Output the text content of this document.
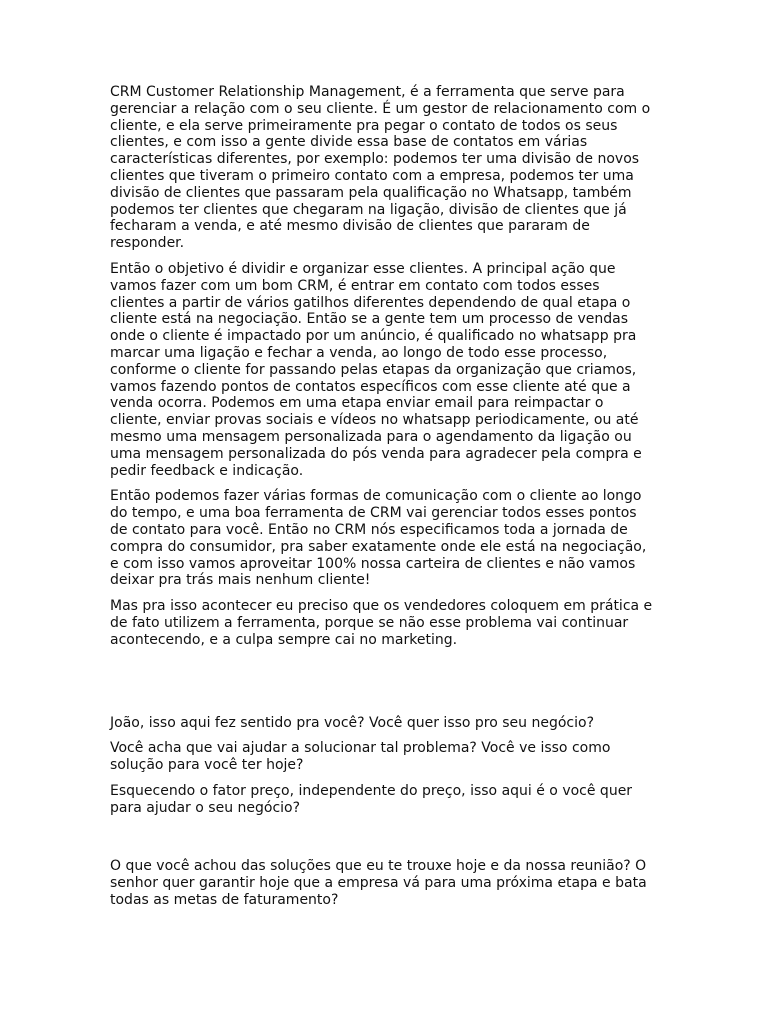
CRM Customer Relationship Management, é a ferramenta que serve para gerenciar a relação com o seu cliente. É um gestor de relacionamento com o cliente, e ela serve primeiramente pra pegar o contato de todos os seus clientes, e com isso a gente divide essa base de contatos em várias características diferentes, por exemplo: podemos ter uma divisão de novos clientes que tiveram o primeiro contato com a empresa, podemos ter uma divisão de clientes que passaram pela qualificação no Whatsapp, também podemos ter clientes que chegaram na ligação, divisão de clientes que já fecharam a venda, e até mesmo divisão de clientes que pararam de responder.

Então o objetivo é dividir e organizar esse clientes. A principal ação que vamos fazer com um bom CRM, é entrar em contato com todos esses clientes a partir de vários gatilhos diferentes dependendo de qual etapa o cliente está na negociação. Então se a gente tem um processo de vendas onde o cliente é impactado por um anúncio, é qualificado no whatsapp pra marcar uma ligação e fechar a venda, ao longo de todo esse processo, conforme o cliente for passando pelas etapas da organização que criamos, vamos fazendo pontos de contatos específicos com esse cliente até que a venda ocorra. Podemos em uma etapa enviar email para reimpactar o cliente, enviar provas sociais e vídeos no whatsapp periodicamente, ou até mesmo uma mensagem personalizada para o agendamento da ligação ou uma mensagem personalizada do pós venda para agradecer pela compra e pedir feedback e indicação.

Então podemos fazer várias formas de comunicação com o cliente ao longo do tempo, e uma boa ferramenta de CRM vai gerenciar todos esses pontos de contato para você. Então no CRM nós especificamos toda a jornada de compra do consumidor, pra saber exatamente onde ele está na negociação, e com isso vamos aproveitar 100% nossa carteira de clientes e não vamos deixar pra trás mais nenhum cliente!

Mas pra isso acontecer eu preciso que os vendedores coloquem em prática e de fato utilizem a ferramenta, porque se não esse problema vai continuar acontecendo, e a culpa sempre cai no marketing.

João, isso aqui fez sentido pra você? Você quer isso pro seu negócio?

Você acha que vai ajudar a solucionar tal problema? Você ve isso como solução para você ter hoje?

Esquecendo o fator preço, independente do preço, isso aqui é o você quer para ajudar o seu negócio?

O que você achou das soluções que eu te trouxe hoje e da nossa reunião? O senhor quer garantir hoje que a empresa vá para uma próxima etapa e bata todas as metas de faturamento?
